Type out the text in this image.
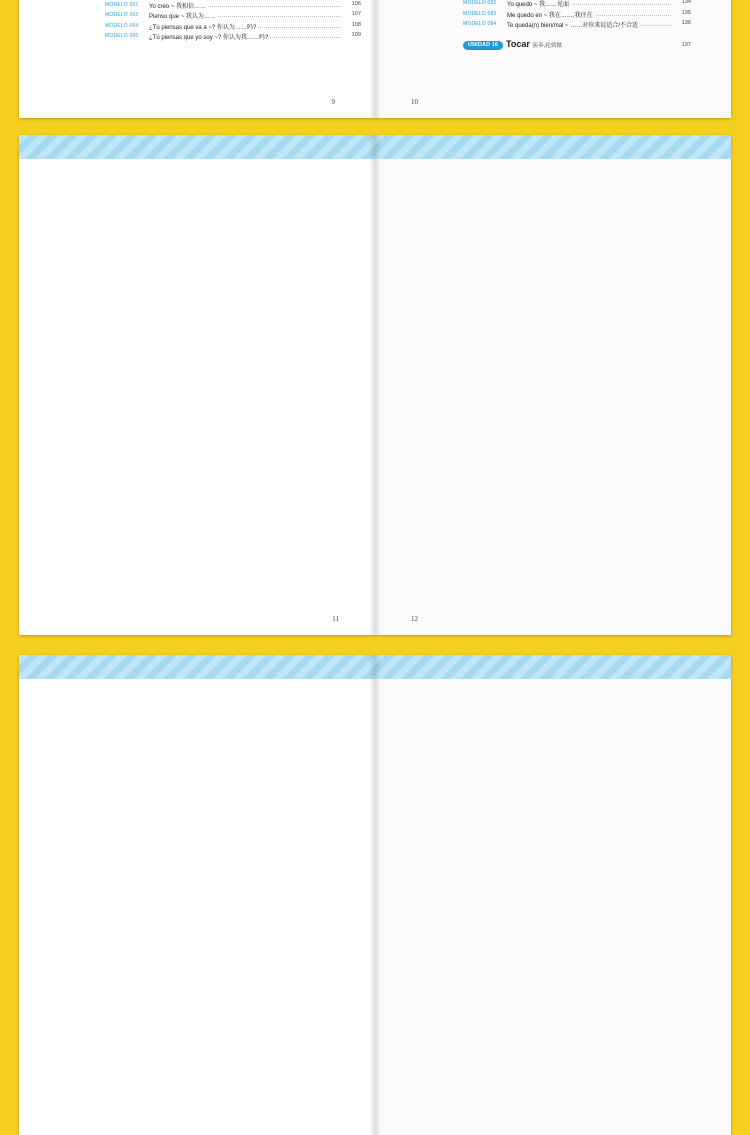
MODELO 062 Yo creo ~ 我相信……	106
MODELO 063 Pienso que ~ 我认为……	107
MODELO 064 ¿Tú piensas que va a ~? 你认为……吗?	108
MODELO 065 ¿Tú piensas que yo soy ~? 你认为我……吗?	109
9
MODELO 082 Yo quedo ~ 我……见面	134
MODELO 083 Me quedo en ~ 我在……,我住在	135
MODELO 084 Te queda(n) bien/mal ~ ……对你来说适合/不合适	136
UNIDAD 16 Tocar 演奏,轮到做	137
10
11	12
